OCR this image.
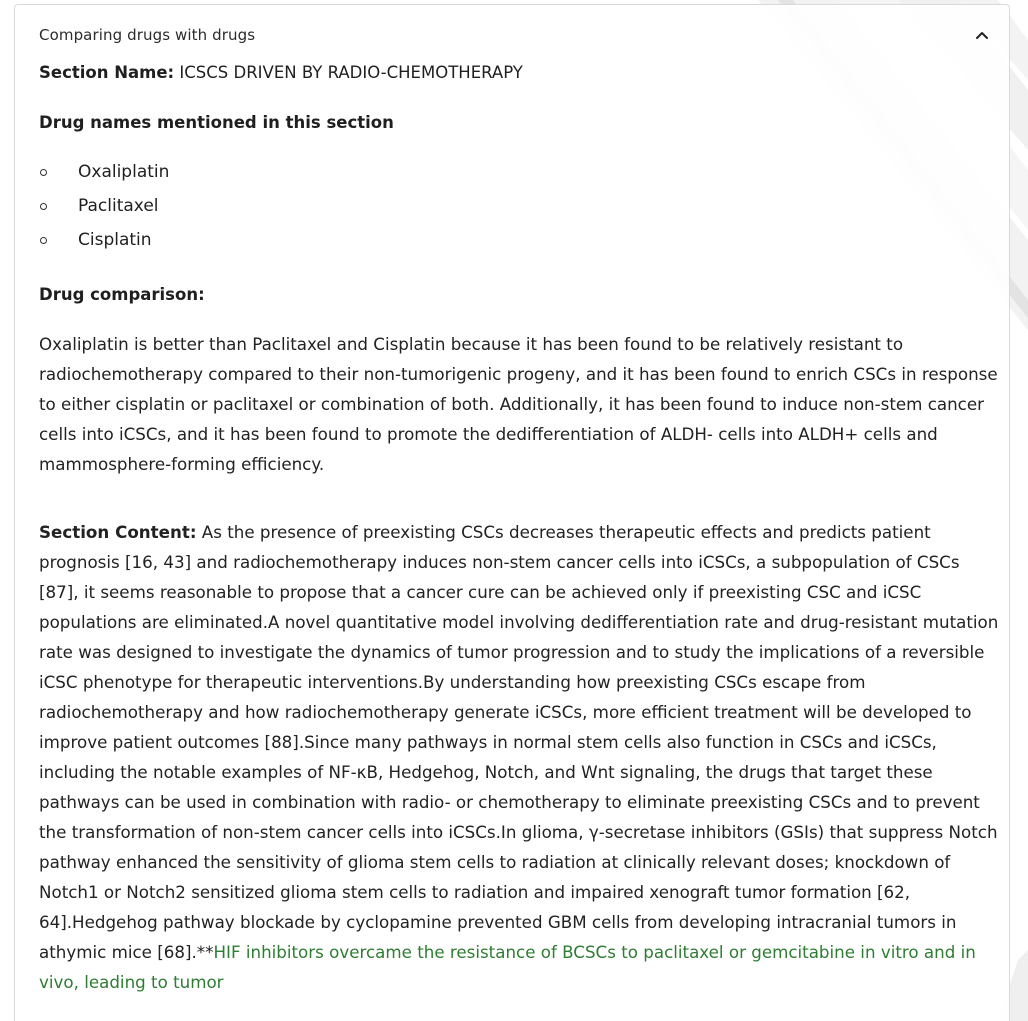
Comparing drugs with drugs

Section Name: ICSCS DRIVEN BY RADIO-CHEMOTHERAPY

Drug names mentioned in this section
Oxaliplatin
Paclitaxel
Cisplatin
Drug comparison:
Oxaliplatin is better than Paclitaxel and Cisplatin because it has been found to be relatively resistant to radiochemotherapy compared to their non-tumorigenic progeny, and it has been found to enrich CSCs in response to either cisplatin or paclitaxel or combination of both. Additionally, it has been found to induce non-stem cancer cells into iCSCs, and it has been found to promote the dedifferentiation of ALDH- cells into ALDH+ cells and mammosphere-forming efficiency.
Section Content: As the presence of preexisting CSCs decreases therapeutic effects and predicts patient prognosis [16, 43] and radiochemotherapy induces non-stem cancer cells into iCSCs, a subpopulation of CSCs [87], it seems reasonable to propose that a cancer cure can be achieved only if preexisting CSC and iCSC populations are eliminated.A novel quantitative model involving dedifferentiation rate and drug-resistant mutation rate was designed to investigate the dynamics of tumor progression and to study the implications of a reversible iCSC phenotype for therapeutic interventions.By understanding how preexisting CSCs escape from radiochemotherapy and how radiochemotherapy generate iCSCs, more efficient treatment will be developed to improve patient outcomes [88].Since many pathways in normal stem cells also function in CSCs and iCSCs, including the notable examples of NF-κB, Hedgehog, Notch, and Wnt signaling, the drugs that target these pathways can be used in combination with radio- or chemotherapy to eliminate preexisting CSCs and to prevent the transformation of non-stem cancer cells into iCSCs.In glioma, γ-secretase inhibitors (GSIs) that suppress Notch pathway enhanced the sensitivity of glioma stem cells to radiation at clinically relevant doses; knockdown of Notch1 or Notch2 sensitized glioma stem cells to radiation and impaired xenograft tumor formation [62, 64].Hedgehog pathway blockade by cyclopamine prevented GBM cells from developing intracranial tumors in athymic mice [68].**HIF inhibitors overcame the resistance of BCSCs to paclitaxel or gemcitabine in vitro and in vivo, leading to tumor
